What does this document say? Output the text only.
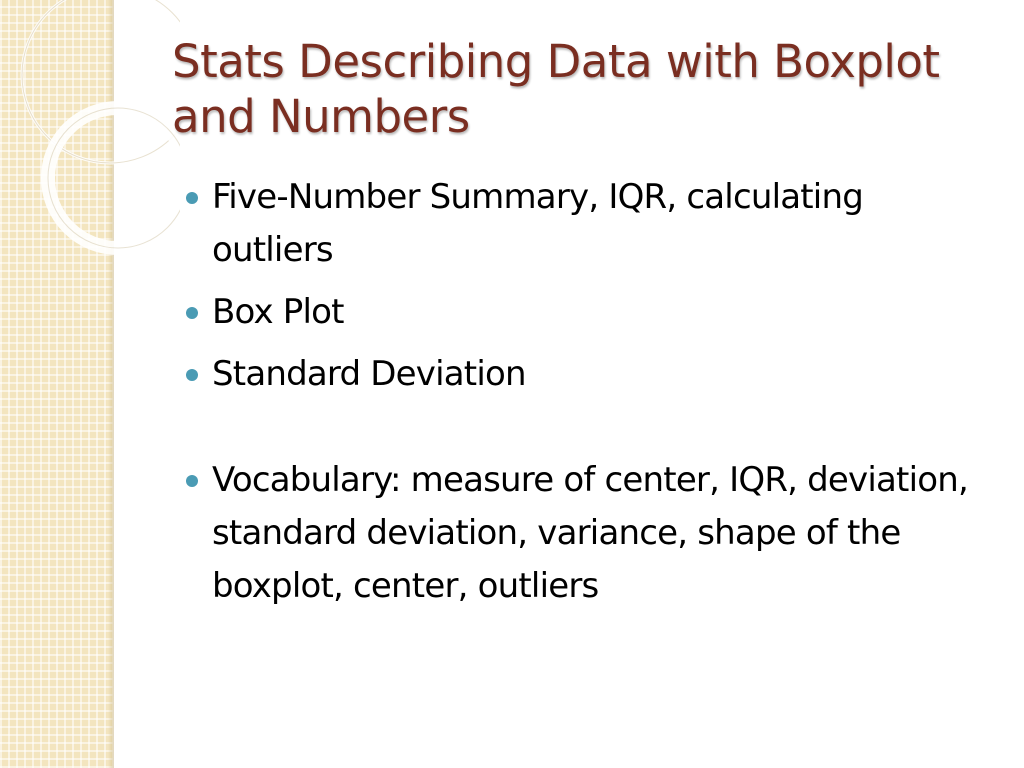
Stats Describing Data with Boxplot and Numbers
Five-Number Summary, IQR, calculating outliers
Box Plot
Standard Deviation
Vocabulary: measure of center, IQR, deviation, standard deviation, variance, shape of the boxplot, center, outliers
